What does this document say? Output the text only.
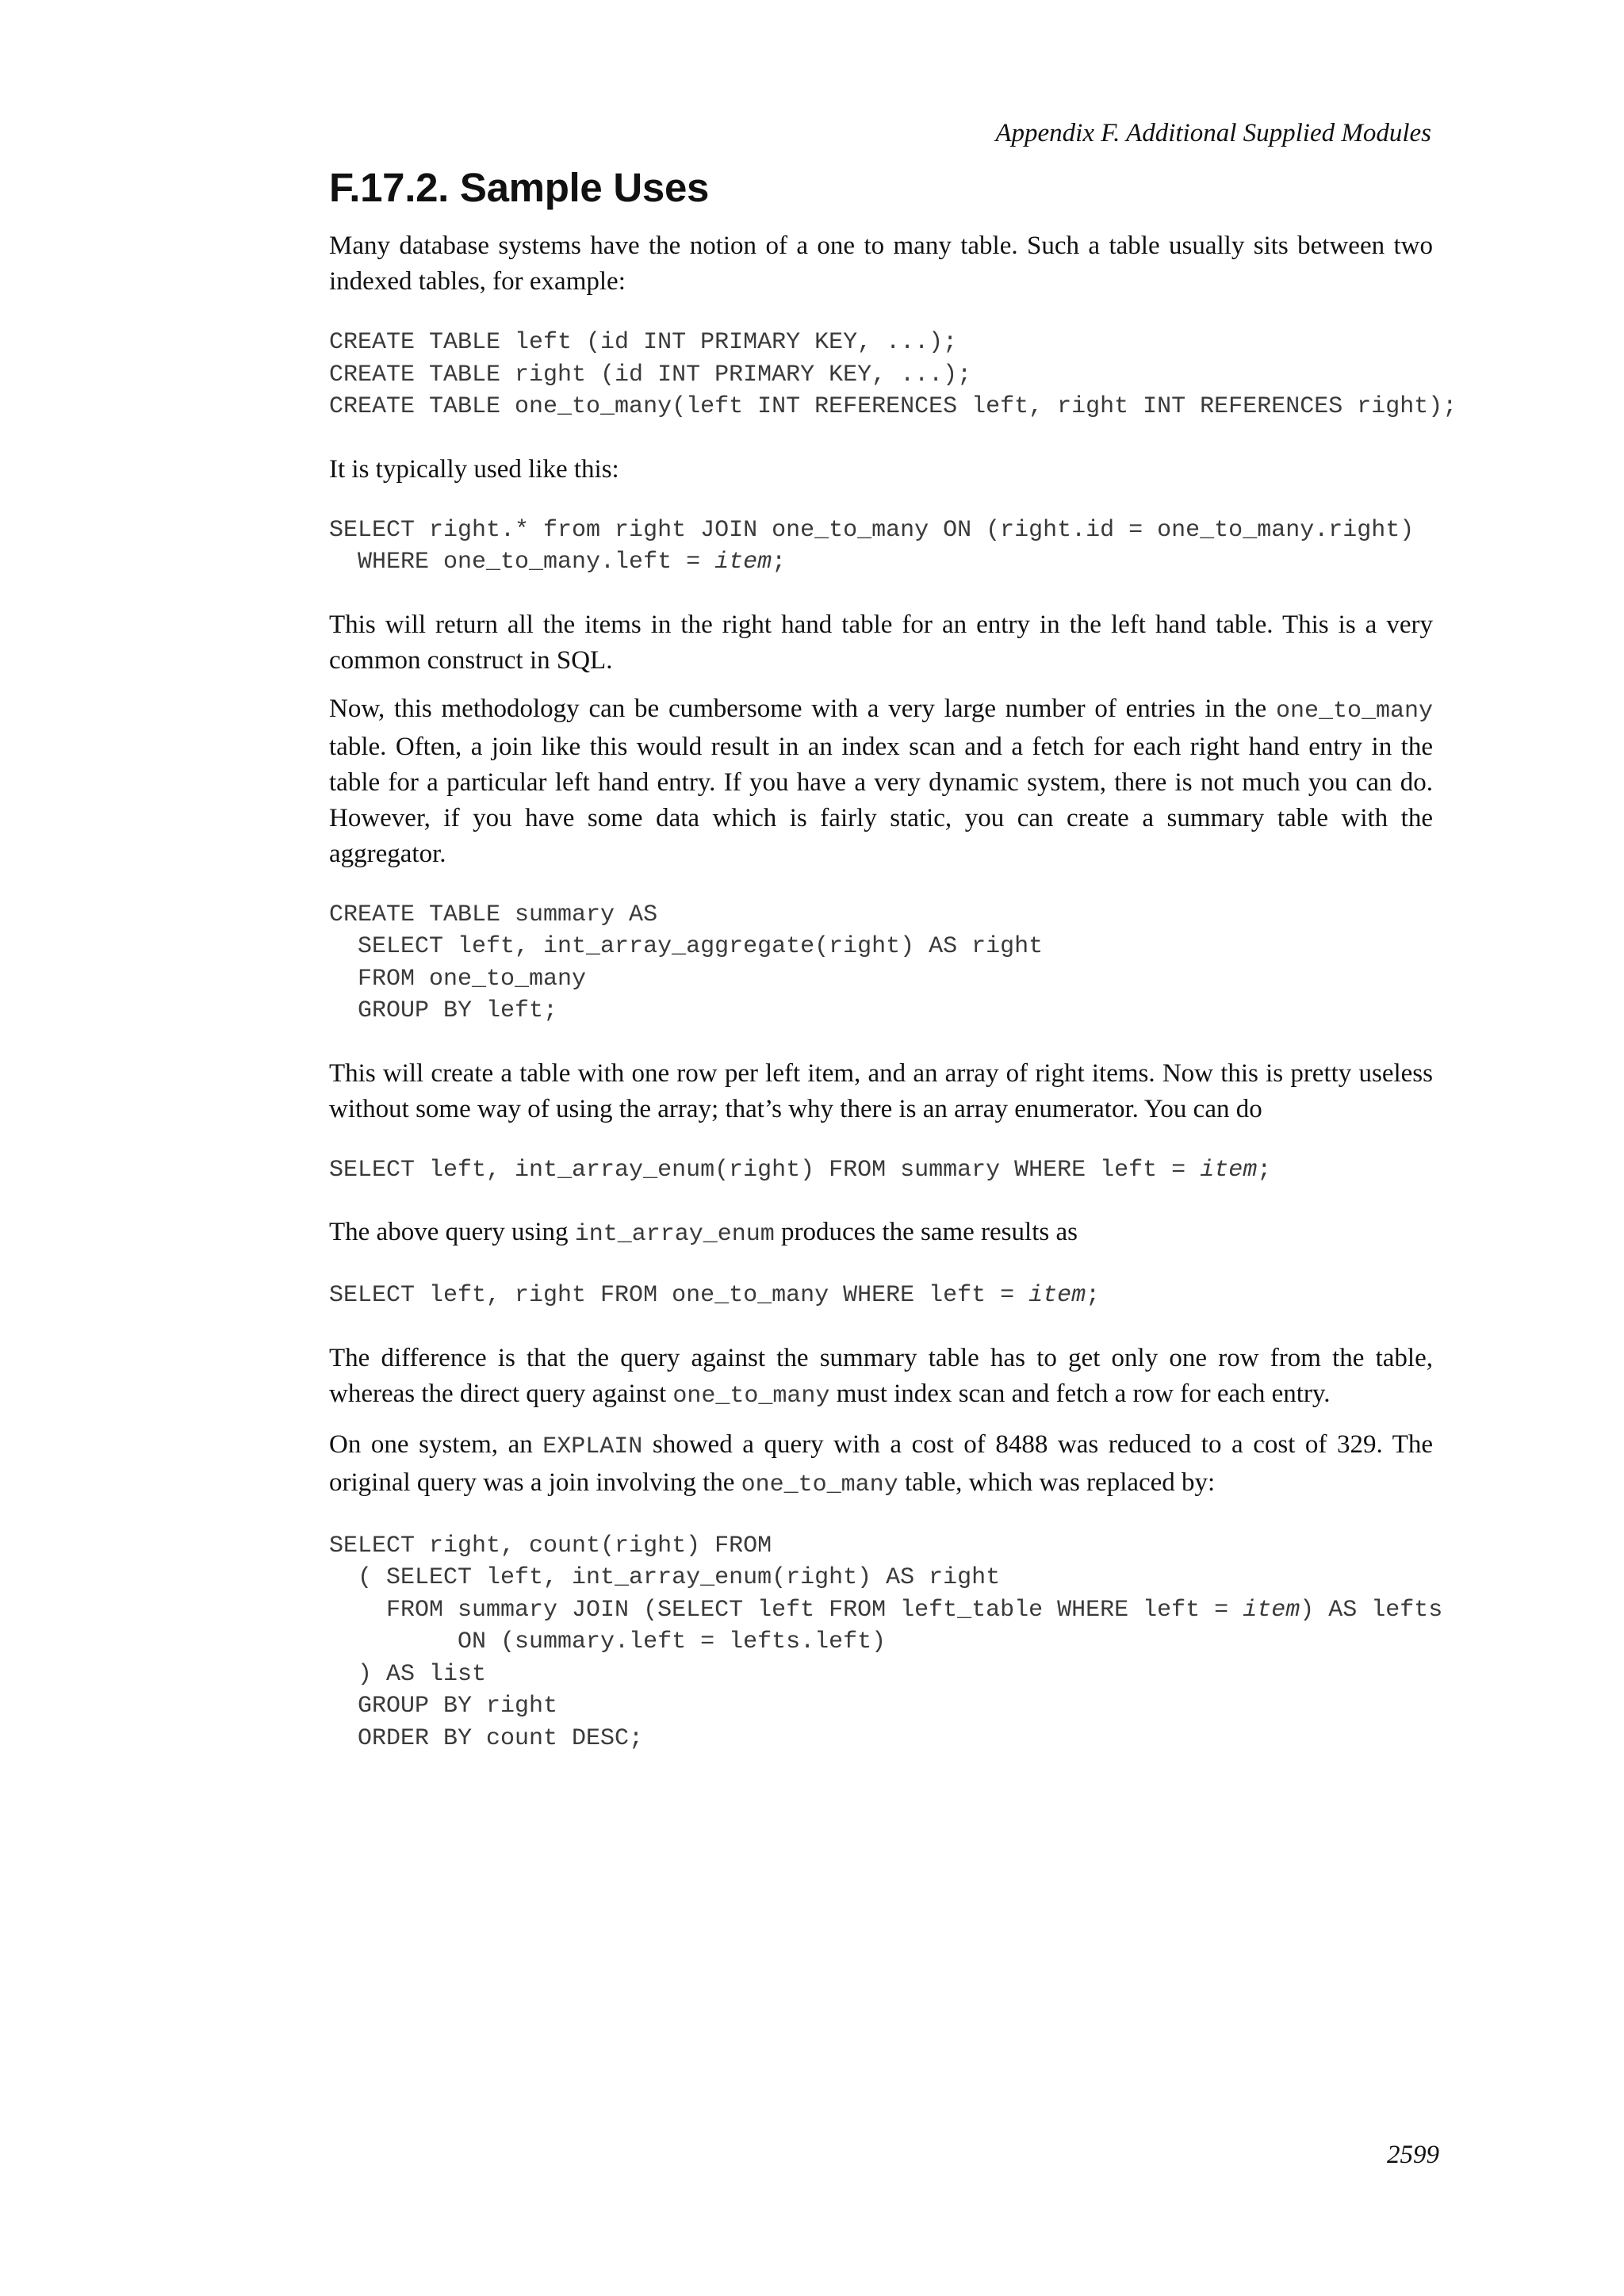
Appendix F. Additional Supplied Modules
F.17.2. Sample Uses

Many database systems have the notion of a one to many table. Such a table usually sits between two indexed tables, for example:

CREATE TABLE left (id INT PRIMARY KEY, ...);
CREATE TABLE right (id INT PRIMARY KEY, ...);
CREATE TABLE one_to_many(left INT REFERENCES left, right INT REFERENCES right);

It is typically used like this:

SELECT right.* from right JOIN one_to_many ON (right.id = one_to_many.right)
WHERE one_to_many.left = item;

This will return all the items in the right hand table for an entry in the left hand table. This is a very common construct in SQL.

Now, this methodology can be cumbersome with a very large number of entries in the one_to_many table. Often, a join like this would result in an index scan and a fetch for each right hand entry in the table for a particular left hand entry. If you have a very dynamic system, there is not much you can do. However, if you have some data which is fairly static, you can create a summary table with the aggregator.

CREATE TABLE summary AS
SELECT left, int_array_aggregate(right) AS right
FROM one_to_many
GROUP BY left;

This will create a table with one row per left item, and an array of right items. Now this is pretty useless without some way of using the array; that’s why there is an array enumerator. You can do

SELECT left, int_array_enum(right) FROM summary WHERE left = item;

The above query using int_array_enum produces the same results as

SELECT left, right FROM one_to_many WHERE left = item;

The difference is that the query against the summary table has to get only one row from the table, whereas the direct query against one_to_many must index scan and fetch a row for each entry.

On one system, an EXPLAIN showed a query with a cost of 8488 was reduced to a cost of 329. The original query was a join involving the one_to_many table, which was replaced by:

SELECT right, count(right) FROM
( SELECT left, int_array_enum(right) AS right
FROM summary JOIN (SELECT left FROM left_table WHERE left = item) AS lefts
ON (summary.left = lefts.left)
) AS list
GROUP BY right
ORDER BY count DESC;
2599
